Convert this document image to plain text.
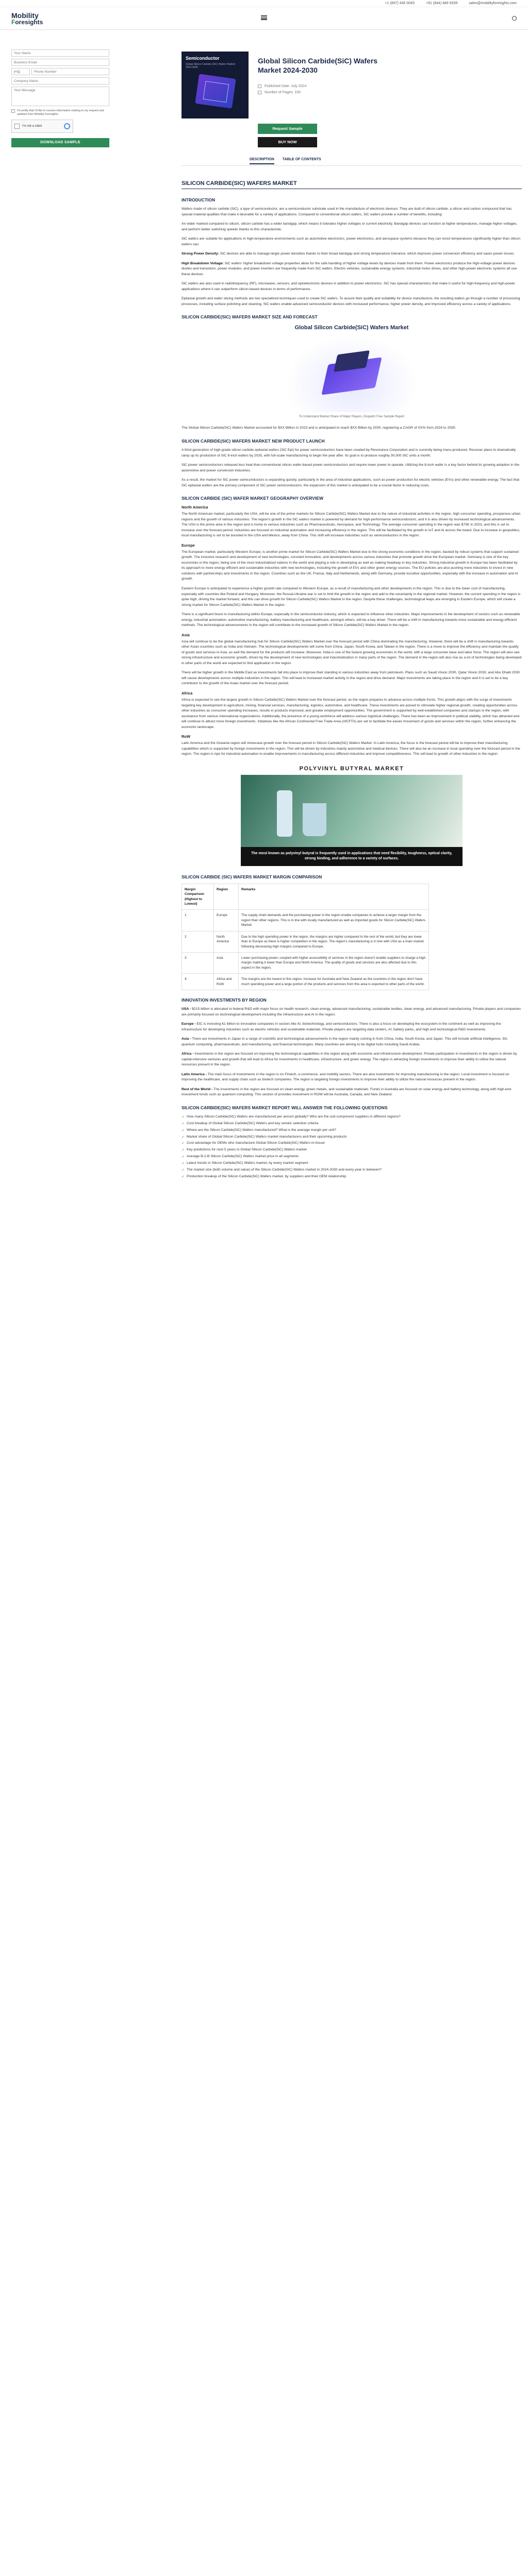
+1 (857) 445 0045	+91 (844) 848 9339	sales@mobilityforesights.com
Mobility
Foresights
Your Name
Business Email
(+1)
Phone Number
Company Name
Your Message
I'd certify that I'd like to receive information relating to my request and updates from Mobility Foresights.
I'm not a robot
DOWNLOAD SAMPLE
Semiconductor
Global Silicon Carbide (SiC) Wafers Market 2024-2030
Global Silicon Carbide(SiC) Wafers Market 2024-2030
Published Date: July 2024
Number of Pages: 150
Request Sample
BUY NOW
DESCRIPTION TABLE OF CONTENTS
SILICON CARBIDE(SIC) WAFERS MARKET
INTRODUCTION

Wafers made of silicon carbide (SiC), a type of semiconductor, are a semiconductor substrate used in the manufacture of electronic devices. They are built of silicon carbide, a silicon and carbon compound that has special material qualities that make it desirable for a variety of applications. Compared to conventional silicon wafers, SiC wafers provide a number of benefits, including:

An wider marked compared to silicon, silicon carbide has a wider bandgap, which means it tolerates higher voltages or current electricity. Bandgap devices can function at higher temperatures, manage higher voltages, and perform better switching speeds thanks to this characteristic.

SiC wafers are suitable for applications in high-temperature environments such as automotive electronics, power electronics, and aerospace systems because they can resist temperatures significantly higher than silicon wafers can.

Strong Power Density: SiC devices are able to manage larger power densities thanks to their broad bandgap and strong temperature tolerance, which improves power conversion efficiency and saves power losses.

High Breakdown Voltage: SiC wafers' higher breakdown voltage properties allow for the safe handling of higher voltage levels by devices made from them. Power electronics produce the high-voltage power devices diodes and transistors, power modules, and power inverters are frequently made from SiC wafers. Electric vehicles, sustainable energy systems, industrial motor drives, and other high-power electronic systems all use these devices.

SiC wafers are also used in radiofrequency (RF), microwave, sensors, and optoelectronic devices in addition to power electronics. SiC has special characteristics that make it useful for high-frequency and high-power applications where it can outperform silicon-based devices in terms of performance.

Epitaxial growth and wafer slicing methods are two specialized techniques used to create SiC wafers. To assure their quality and suitability for device manufacture, the resulting wafers go through a number of processing processes, including surface polishing and cleaning. SiC wafers enable advanced semiconductor devices with increased performance, higher power density, and improved efficiency across a variety of applications.

SILICON CARBIDE(SIC) WAFERS MARKET SIZE AND FORECAST
Global Silicon Carbide(SiC) Wafers Market
To Understand Market Share of Major Players, Dispatch Free Sample Report

The Global Silicon Carbide(SiC) Wafers Market accounted for $XX Billion in 2023 and is anticipated to reach $XX Billion by 2030, registering a CAGR of XX% from 2024 to 2030.

SILICON CARBIDE(SIC) WAFERS MARKET NEW PRODUCT LAUNCH

A third generation of high-grade silicon carbide epitaxial wafers (SiC Epi) for power semiconductors have been created by Resonance Corporation and is currently being mass-produced. Resonac plans to dramatically ramp up its production of SiC 8-inch wafers by 2025, with full-scale manufacturing to begin the year after. Its goal is to produce roughly 30,000 SiC units a month.

SiC power semiconductors released less heat than conventional silicon wafer-based power semiconductors and require lower power to operate. Utilizing the 8-inch wafer is a key factor behind its growing adoption in the automotive and power conversion industries.

As a result, the market for SiC power semiconductors is expanding quickly, particularly in the area of industrial applications, such as power production for electric vehicles (EVs) and other renewable energy. The fact that SiC epitaxial wafers are the primary component of SiC power semiconductors, the expansion of this market is anticipated to be a crucial factor in reducing costs.

SILICON CARBIDE (SIC) WAFER MARKET GEOGRAPHY OVERVIEW
North America

The North American market, particularly the USA, will be one of the prime markets for Silicon Carbide(SiC) Wafers Market due to the nature of industrial activities in the region, high consumer spending, prosperous urban regions and the growth of various industries. The region's growth in the SiC wafers market is powered by demand for high-performance semiconductors, and it is also driven by increased technological advancements. The USA is the prime area in the region and is home to various industries such as Pharmaceuticals, Aerospace, and Technology. The average consumer spending in the region was $73K in 2023, and this is set to increase over the forecast period. Industries are focused on industrial automation and increasing efficiency in the region. This will be facilitated by the growth in IoT and AI across the board. Due to increase in geopolitics, local manufacturing is set to be boosted in the USA and Mexico, away from China. This shift will increase industries such as semiconductors in the region.

Europe

The European market, particularly Western Europe, is another prime market for Silicon Carbide(SiC) Wafers Market due to the strong economic conditions in the region, backed by robust systems that support sustained growth. The inclusive research and development of new technologies, constant innovation, and developments across various industries that promote growth drive the European market. Germany is one of the key economies in the region, being one of the most industrialized nations in the world and playing a role in developing as well as making headway in key industries. Strong industrial growth in Europe has been facilitated by its approach to more energy efficient and sustainable industries with new technologies, including the growth of EVs and other green energy sources. The EU policies are also pushing more industries to invest in new solutions with partnerships and investments in the region. Countries such as the UK, France, Italy and Netherlands, along with Germany, provide lucrative opportunities, especially with the increase in automation and AI growth.

Eastern Europe is anticipated to experience a higher growth rate compared to Western Europe, as a result of manufacturing and other developments in the region. This is due to the lower cost of manufacturing, especially with countries like Poland and Hungary. Moreover, the Russia-Ukraine war is set to limit the growth in the region and add to the uncertainty in the regional market. However, the current spending in the region is quite high, driving the market forward, and this can drive growth for Silicon Carbide(SiC) Wafers Market in the region. Despite these challenges, technological leaps are emerging in Eastern Europe, which will create a strong market for Silicon Carbide(SiC) Wafers Market in the region.

There is a significant boost in manufacturing within Europe, especially in the semiconductor industry, which is expected to influence other industries. Major improvements in the development of sectors such as renewable energy, industrial automation, automotive manufacturing, battery manufacturing and healthcare, amongst others, will be a key driver. There will be a shift in manufacturing towards more sustainable and energy-efficient methods. The technological advancements in the region will contribute to the increased growth of Silicon Carbide(SiC) Wafers Market in the region.

Asia

Asia will continue to be the global manufacturing hub for Silicon Carbide(SiC) Wafers Market over the forecast period with China dominating the manufacturing. However, there will be a shift in manufacturing towards other Asian countries such as India and Vietnam. The technological developments will come from China, Japan, South Korea, and Taiwan in the region. There is a move to improve the efficiency and maintain the quality of goods and services in Asia, as well the demand for the products will increase. Moreover, India is one of the fastest growing economies in the world, with a large consumer base and labor force. The region will also see strong infrastructure and economic growth, driven by the development of new technologies and industrialization in many parts of the region. The demand in the region will also rise as a lot of technologies being developed in other parts of the world are expected to find application in the region.

There will be higher growth in the Middle East as investments fall into place to improve their standing in various industries away from petroleum. Plans such as Saudi Vision 2030, Qatar Vision 2030, and Abu Dhabi 2030 will cause developments across multiple industries in the region. This will lead to increased market activity in the region and drive demand. Major investments are taking place in the region and it is set to be a key contributor to the growth of the Asian market over the forecast period.

Africa

Africa is expected to see the largest growth in Silicon Carbide(SiC) Wafers Market over the forecast period, as the region prepares to advance across multiple fronts. This growth aligns with the surge of investments targeting key development in agriculture, mining, financial services, manufacturing, logistics, automotive, and healthcare. These investments are poised to stimulate higher regional growth, creating opportunities across other industries as consumer spending increases, results in products improved, and greater employment opportunities. The government is supported by well-established companies and startups in the region, with assistance from various international organizations. Additionally, the presence of a young workforce will address various logistical challenges. There has been an improvement in political stability, which has attracted and will continue to attract more foreign investments. Initiatives like the African Continental Free Trade Area (AfCFTA) are set to facilitate the easier movement of goods and services within the region, further enhancing the economic landscape.

RoW

Latin America and the Oceania region will showcase growth over the forecast period in Silicon Carbide(SiC) Wafers Market. In Latin America, the focus is the forecast period will be to improve their manufacturing capabilities which is supported by foreign investments in the region. This will be driven by industries mainly automotive and medical devices. There will also be an increase in local spending over the forecast period in the region. The region is ripe for industrial automation to enable improvements in manufacturing across different industries and improve competitiveness. This will lead to growth of other industries in the region.

POLYVINYL BUTYRAL MARKET
The most known as polyvinyl butyral is frequently used in applications that need flexibility, toughness, optical clarity, strong binding, and adherence to a variety of surfaces.
SILICON CARBIDE (SIC) WAFERS MARKET MARGIN COMPARISON
Margin Comparison (Highest to Lowest)	Region	Remarks
1	Europe	The supply chain demands and the purchasing power in the region enable companies to achieve a larger margin from the region than other regions. This is in line with locally manufactured as well as imported goods for Silicon Carbide(SiC) Wafers Market.
2	North America	Due to the high spending power in the region, the margins are higher compared to the rest of the world, but they are lower than in Europe as there is higher competition in the region. The region's manufacturing is in line with USA as a main market following decreasing high margins compared to Europe.
3	Asia	Lower purchasing power, coupled with higher accessibility of services in the region doesn't enable suppliers to charge a high margin making it lower than Europe and North America. The quality of goods and services are also affected due to this aspect in the region.
4	Africa and RoW	The margins are the lowest in this region. Increase for Australia and New Zealand as the countries in the region don't have much spending power and a large portion of the products and services from this area is exported to other parts of the world.
INNOVATION INVESTMENTS BY REGION

USA - $215 billion is allocated to federal R&D with major focus on health research, clean energy, advanced manufacturing, sustainable textiles, clean energy, and advanced manufacturing. Private players and companies are primarily focused on technological development including the infrastructure and AI in the region.

Europe - EIC is investing €1 billion to innovative companies in sectors like AI, biotechnology, and semiconductors. There is also a focus on developing the ecosystem in the continent as well as improving the infrastructure for developing industries such as electric vehicles and sustainable materials. Private players are targeting data centers, AI, battery parks, and high end technological R&D investments.

Asia - There are investments in Japan in a range of scientific and technological advancements in the region mainly coming in from China, India, South Korea, and Japan. This will include artificial intelligence, 5G, quantum computing, pharmaceuticals, and manufacturing, and financial technologies. Many countries are aiming to be digital hubs including Saudi Arabia.

Africa - Investments in the region are focused on improving the technological capabilities in the region along with economic and infrastructure development. Private participation in investments in the region is driven by capital-intensive ventures and growth that will lead to Africa for investments in healthcare, infrastructure, and green energy. The region is attracting foreign investments to improve their ability to utilise the natural resources present in the region.

Latin America - The main focus of investments in the region is on Fintech, e-commerce, and mobility sectors. There are also investments for improving manufacturing in the region. Local investment is focused on improving the healthcare, and supply chain such as biotech companies. The region is targeting foreign investments to improve their ability to utilize the natural resources present in the region.

Rest of the World - The investments in the region are focused on clean energy, green metals, and sustainable materials. Funds in Australia are focused on solar energy and battery technology, along with high-end investment funds such as quantum computing. This section of provides investment in ROW will be Australia, Canada, and New Zealand.

SILICON CARBIDE(SIC) WAFERS MARKET REPORT WILL ANSWER THE FOLLOWING QUESTIONS
✓ How many Silicon Carbide(SiC) Wafers are manufactured per annum globally? Who are the sub-component suppliers in different regions?
✓ Cost breakup of Global Silicon Carbide(SiC) Wafers and key vendor selection criteria
✓ Where are the Silicon Carbide(SiC) Wafers manufactured? What is the average margin per unit?
✓ Market share of Global Silicon Carbide(SiC) Wafers market manufacturers and their upcoming products
✓ Cost advantage for OEMs who manufacture Global Silicon Carbide(SiC) Wafers in-house
✓ Key predictions for next 5 years in Global Silicon Carbide(SiC) Wafers market
✓ Average B-2-B Silicon Carbide(SiC) Wafers market price in all segments
✓ Latest trends in Silicon Carbide(SiC) Wafers market, by every market segment
✓ The market size (both volume and value) of the Silicon Carbide(SiC) Wafers market in 2024-2030 and every year in between?
✓ Production breakup of the Silicon Carbide(SiC) Wafers market, by suppliers and their OEM relationship
